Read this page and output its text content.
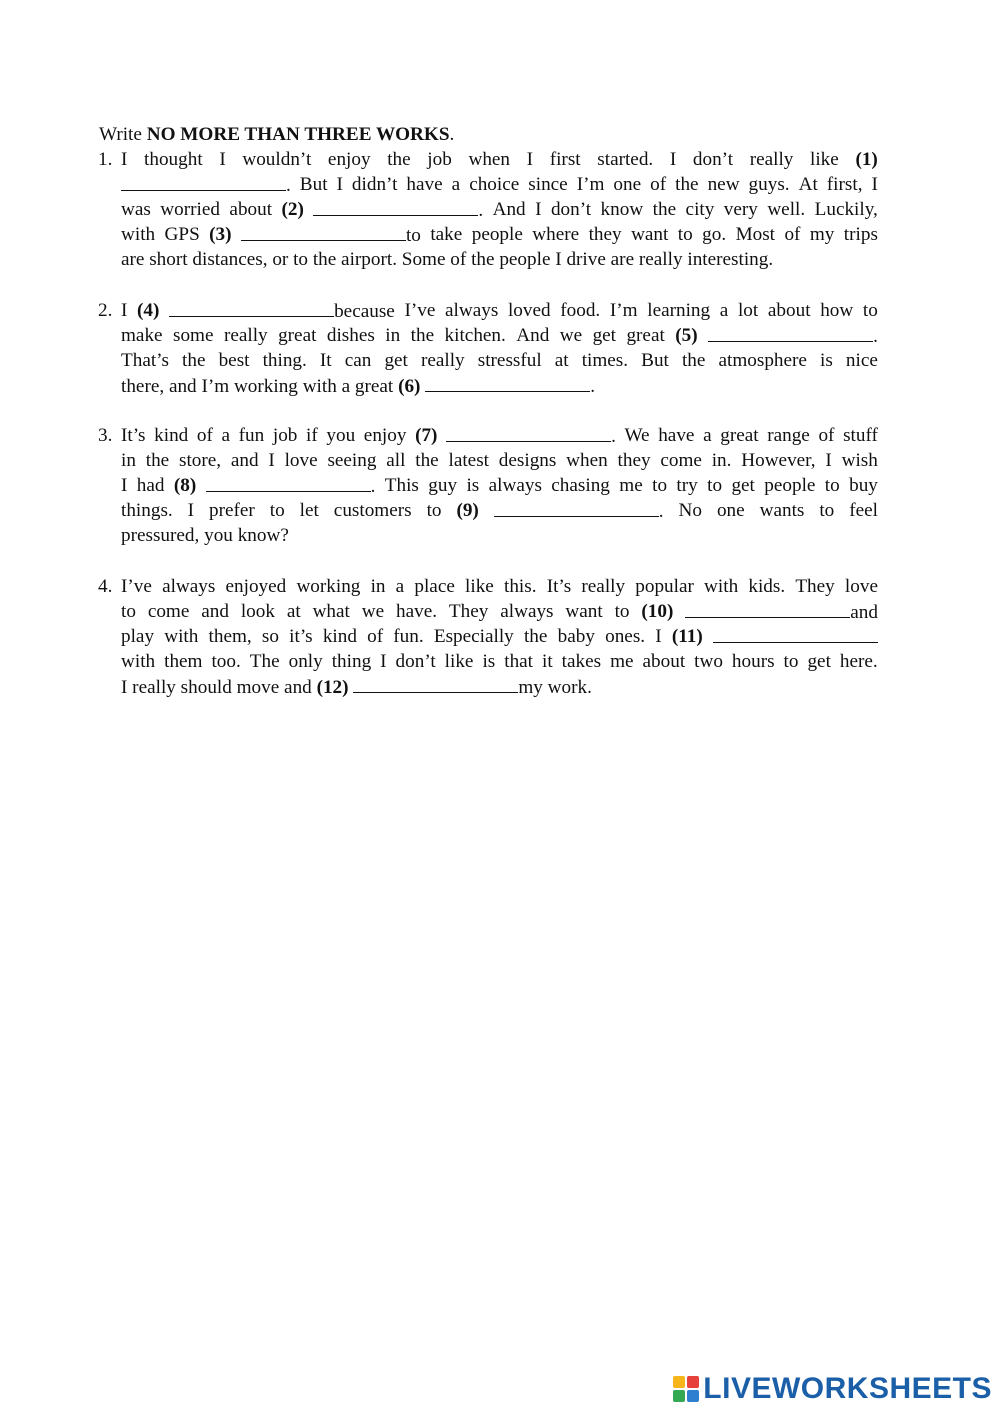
Write NO MORE THAN THREE WORKS.
1. I thought I wouldn’t enjoy the job when I first started. I don’t really like (1)
. But I didn’t have a choice since I’m one of the new guys. At first, I
was worried about (2)	. And I don’t know the city very well. Luckily,
with GPS (3)	to take people where they want to go. Most of my trips
are short distances, or to the airport. Some of the people I drive are really interesting.
2. I (4)	because I’ve always loved food. I’m learning a lot about how to
make some really great dishes in the kitchen. And we get great (5)	.
That’s the best thing. It can get really stressful at times. But the atmosphere is nice
there, and I’m working with a great (6)	.
3. It’s kind of a fun job if you enjoy (7)	. We have a great range of stuff
in the store, and I love seeing all the latest designs when they come in. However, I wish
I had (8)	. This guy is always chasing me to try to get people to buy
things. I prefer to let customers to (9)	. No one wants to feel
pressured, you know?
4. I’ve always enjoyed working in a place like this. It’s really popular with kids. They love
to come and look at what we have. They always want to (10)	and
play with them, so it’s kind of fun. Especially the baby ones. I (11)
with them too. The only thing I don’t like is that it takes me about two hours to get here.
I really should move and (12)	my work.
LIVEWORKSHEETS
